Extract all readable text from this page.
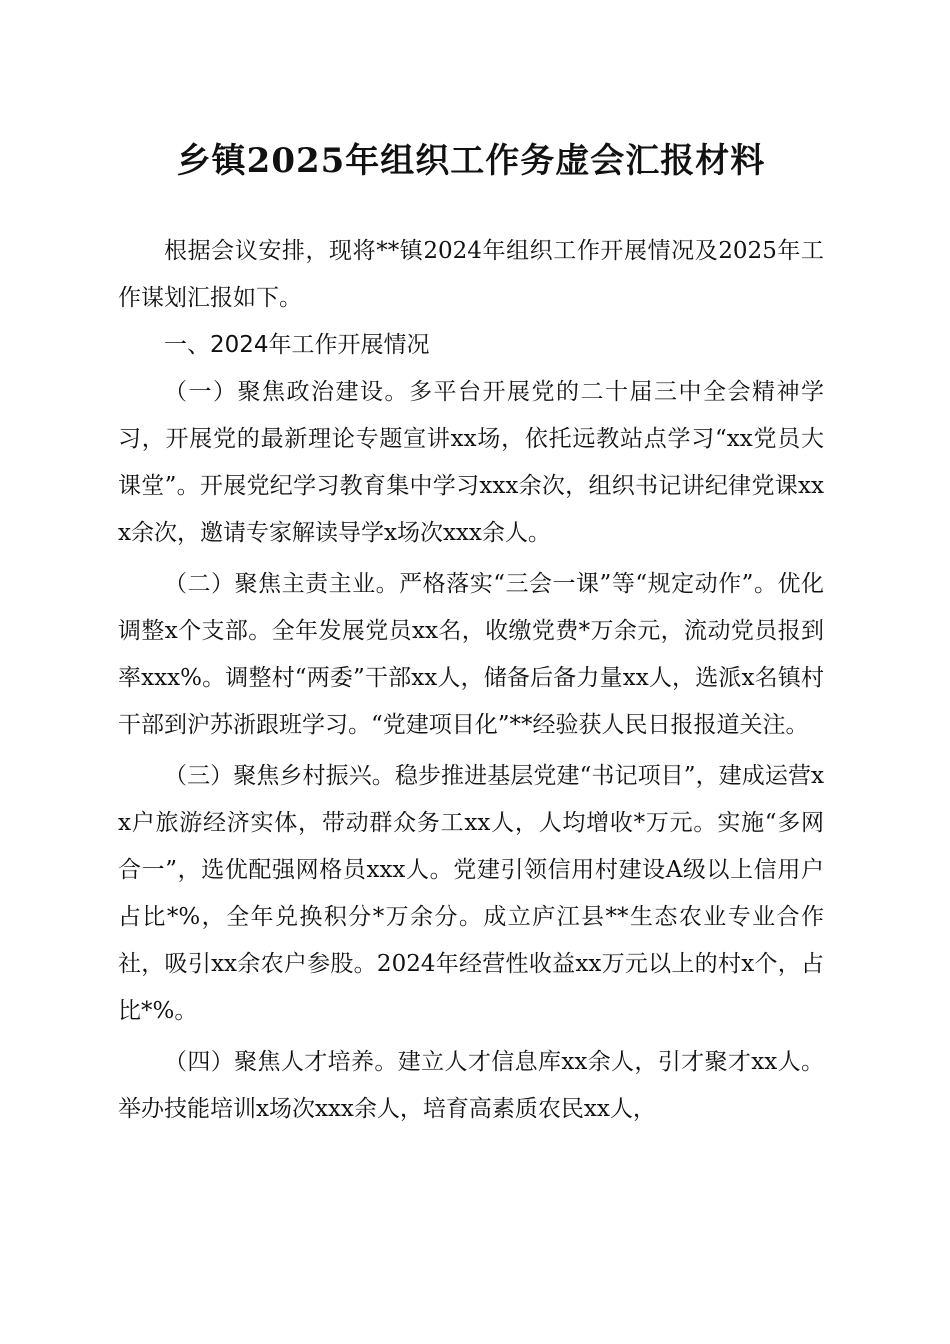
乡镇2025年组织工作务虚会汇报材料

根据会议安排，现将**镇2024年组织工作开展情况及2025年工作谋划汇报如下。

一、2024年工作开展情况

（一）聚焦政治建设。多平台开展党的二十届三中全会精神学习，开展党的最新理论专题宣讲xx场，依托远教站点学习“xx党员大课堂”。开展党纪学习教育集中学习xxx余次，组织书记讲纪律党课xxx余次，邀请专家解读导学x场次xxx余人。

（二）聚焦主责主业。严格落实“三会一课”等“规定动作”。优化调整x个支部。全年发展党员xx名，收缴党费*万余元，流动党员报到率xxx%。调整村“两委”干部xx人，储备后备力量xx人，选派x名镇村干部到沪苏浙跟班学习。“党建项目化”**经验获人民日报报道关注。

（三）聚焦乡村振兴。稳步推进基层党建“书记项目”，建成运营xx户旅游经济实体，带动群众务工xx人，人均增收*万元。实施“多网合一”，选优配强网格员xxx人。党建引领信用村建设A级以上信用户占比*%，全年兑换积分*万余分。成立庐江县**生态农业专业合作社，吸引xx余农户参股。2024年经营性收益xx万元以上的村x个，占比*%。

（四）聚焦人才培养。建立人才信息库xx余人，引才聚才xx人。举办技能培训x场次xxx余人，培育高素质农民xx人，
